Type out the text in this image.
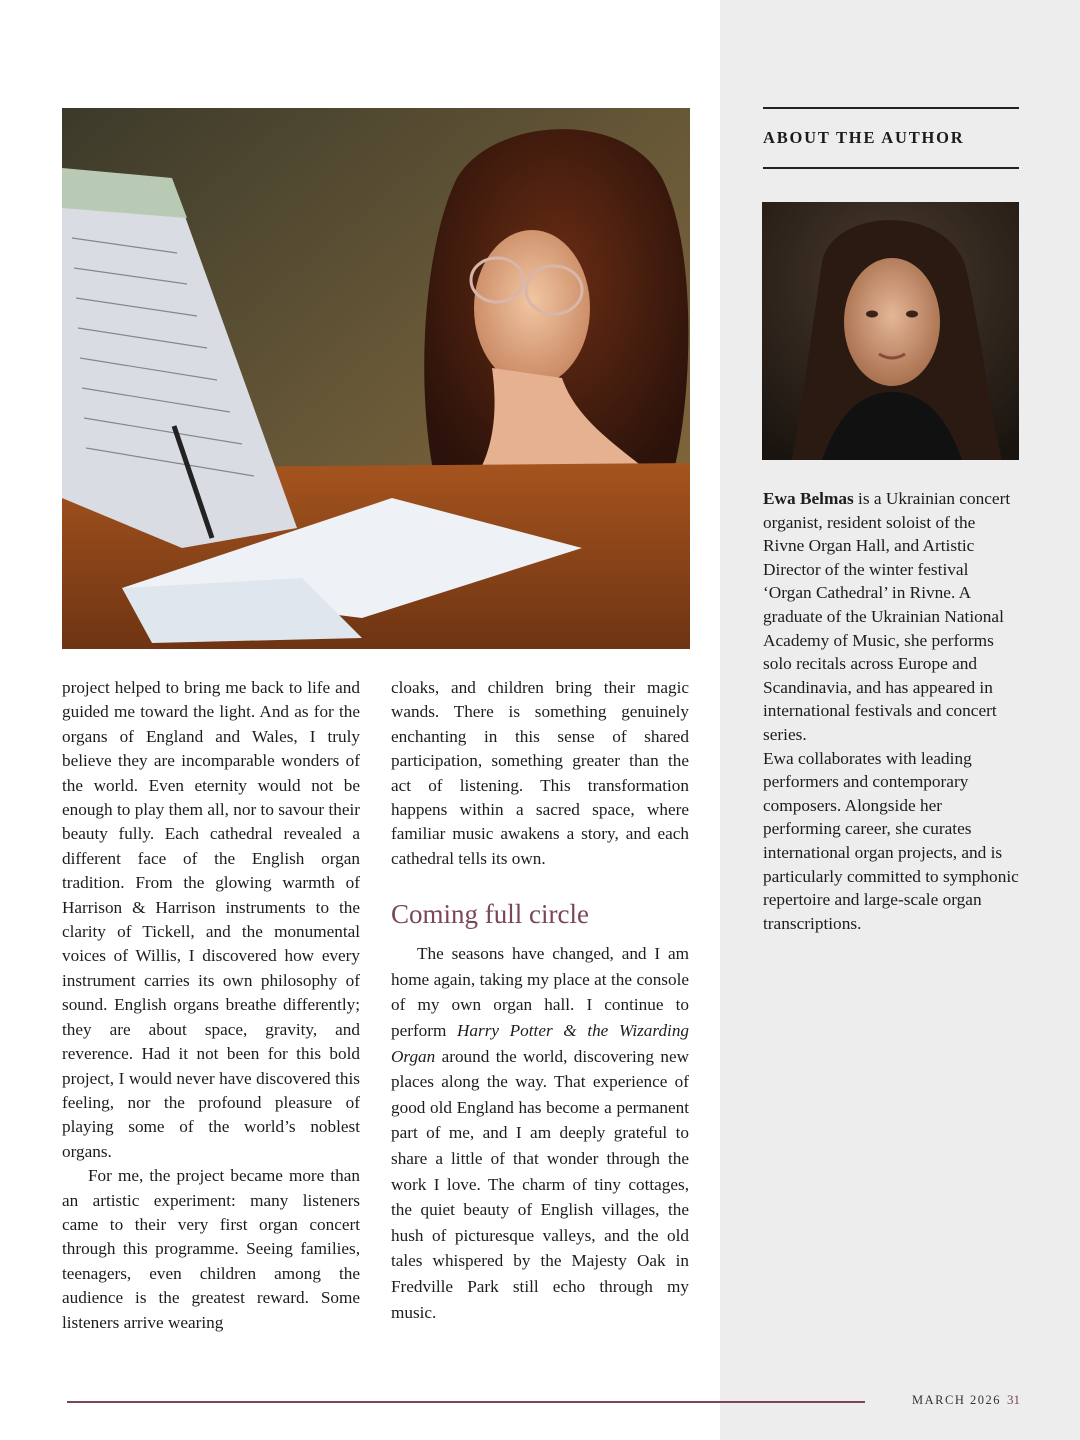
project helped to bring me back to life and guided me toward the light. And as for the organs of England and Wales, I truly believe they are incomparable wonders of the world. Even eternity would not be enough to play them all, nor to savour their beauty fully. Each cathedral revealed a different face of the English organ tradition. From the glowing warmth of Harrison & Harrison instruments to the clarity of Tickell, and the monumental voices of Willis, I discovered how every instrument carries its own philosophy of sound. English organs breathe differently; they are about space, gravity, and reverence. Had it not been for this bold project, I would never have discovered this feeling, nor the profound pleasure of playing some of the world’s noblest organs.

For me, the project became more than an artistic experiment: many listeners came to their very first organ concert through this programme. Seeing families, teenagers, even children among the audience is the greatest reward. Some listeners arrive wearing

cloaks, and children bring their magic wands. There is something genuinely enchanting in this sense of shared participation, something greater than the act of listening. This transformation happens within a sacred space, where familiar music awakens a story, and each cathedral tells its own.

Coming full circle

The seasons have changed, and I am home again, taking my place at the console of my own organ hall. I continue to perform Harry Potter & the Wizarding Organ around the world, discovering new places along the way. That experience of good old England has become a permanent part of me, and I am deeply grateful to share a little of that wonder through the work I love. The charm of tiny cottages, the quiet beauty of English villages, the hush of picturesque valleys, and the old tales whispered by the Majesty Oak in Fredville Park still echo through my music.

ABOUT THE AUTHOR

Ewa Belmas is a Ukrainian concert organist, resident soloist of the Rivne Organ Hall, and Artistic Director of the winter festival ‘Organ Cathedral’ in Rivne. A graduate of the Ukrainian National Academy of Music, she performs solo recitals across Europe and Scandinavia, and has appeared in international festivals and concert series.

Ewa collaborates with leading performers and contemporary composers. Alongside her performing career, she curates international organ projects, and is particularly committed to symphonic repertoire and large-scale organ transcriptions.

MARCH 2026 31
